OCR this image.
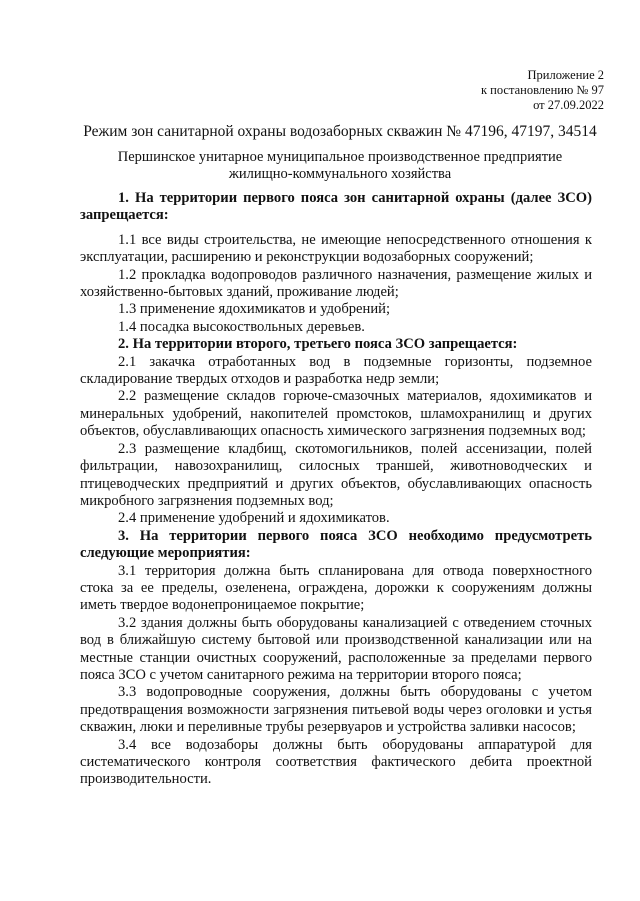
Приложение 2
к постановлению № 97
от 27.09.2022
Режим зон санитарной охраны водозаборных скважин № 47196, 47197, 34514
Першинское унитарное муниципальное производственное предприятие
жилищно-коммунального хозяйства

1. На территории первого пояса зон санитарной охраны (далее ЗСО) запрещается:

1.1 все виды строительства, не имеющие непосредственного отношения к эксплуатации, расширению и реконструкции водозаборных сооружений;

1.2 прокладка водопроводов различного назначения, размещение жилых и хозяйственно-бытовых зданий, проживание людей;

1.3 применение ядохимикатов и удобрений;

1.4 посадка высокоствольных деревьев.

2. На территории второго, третьего пояса ЗСО запрещается:

2.1 закачка отработанных вод в подземные горизонты, подземное складирование твердых отходов и разработка недр земли;

2.2 размещение складов горюче-смазочных материалов, ядохимикатов и минеральных удобрений, накопителей промстоков, шламохранилищ и других объектов, обуславливающих опасность химического загрязнения подземных вод;

2.3 размещение кладбищ, скотомогильников, полей ассенизации, полей фильтрации, навозохранилищ, силосных траншей, животноводческих и птицеводческих предприятий и других объектов, обуславливающих опасность микробного загрязнения подземных вод;

2.4 применение удобрений и ядохимикатов.

3. На территории первого пояса ЗСО необходимо предусмотреть следующие мероприятия:

3.1 территория должна быть спланирована для отвода поверхностного стока за ее пределы, озеленена, ограждена, дорожки к сооружениям должны иметь твердое водонепроницаемое покрытие;

3.2 здания должны быть оборудованы канализацией с отведением сточных вод в ближайшую систему бытовой или производственной канализации или на местные станции очистных сооружений, расположенные за пределами первого пояса ЗСО с учетом санитарного режима на территории второго пояса;

3.3 водопроводные сооружения, должны быть оборудованы с учетом предотвращения возможности загрязнения питьевой воды через оголовки и устья скважин, люки и переливные трубы резервуаров и устройства заливки насосов;

3.4 все водозаборы должны быть оборудованы аппаратурой для систематического контроля соответствия фактического дебита проектной производительности.
